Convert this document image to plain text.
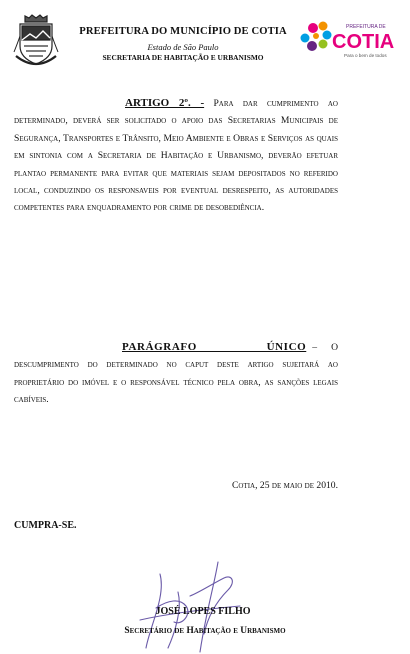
PREFEITURA DO MUNICÍPIO DE COTIA
Estado de São Paulo
SECRETARIA DE HABITAÇÃO E URBANISMO
PREFEITURA DE
COTIA
Para o bem de todos
ARTIGO 2º. - Para dar cumprimento ao determinado, deverá ser solicitado o apoio das Secretarias Municipais de Segurança, Transportes e Trânsito, Meio Ambiente e Obras e Serviços as quais em sintonia com a Secretaria de Habitação e Urbanismo, deverão efetuar plantao permanente para evitar que materiais sejam depositados no referido local, conduzindo os responsaveis por eventual desrespeito, as autoridades competentes para enquadramento por crime de desobediência.
PARÁGRAFO ÚNICO – O descumprimento do determinado no caput deste artigo sujeitará ao proprietário do imóvel e o responsável técnico pela obra, as sanções legais cabíveis.
Cotia, 25 de maio de 2010.
CUMPRA-SE.
JOSÉ LOPES FILHO
Secretário de Habitação e Urbanismo
